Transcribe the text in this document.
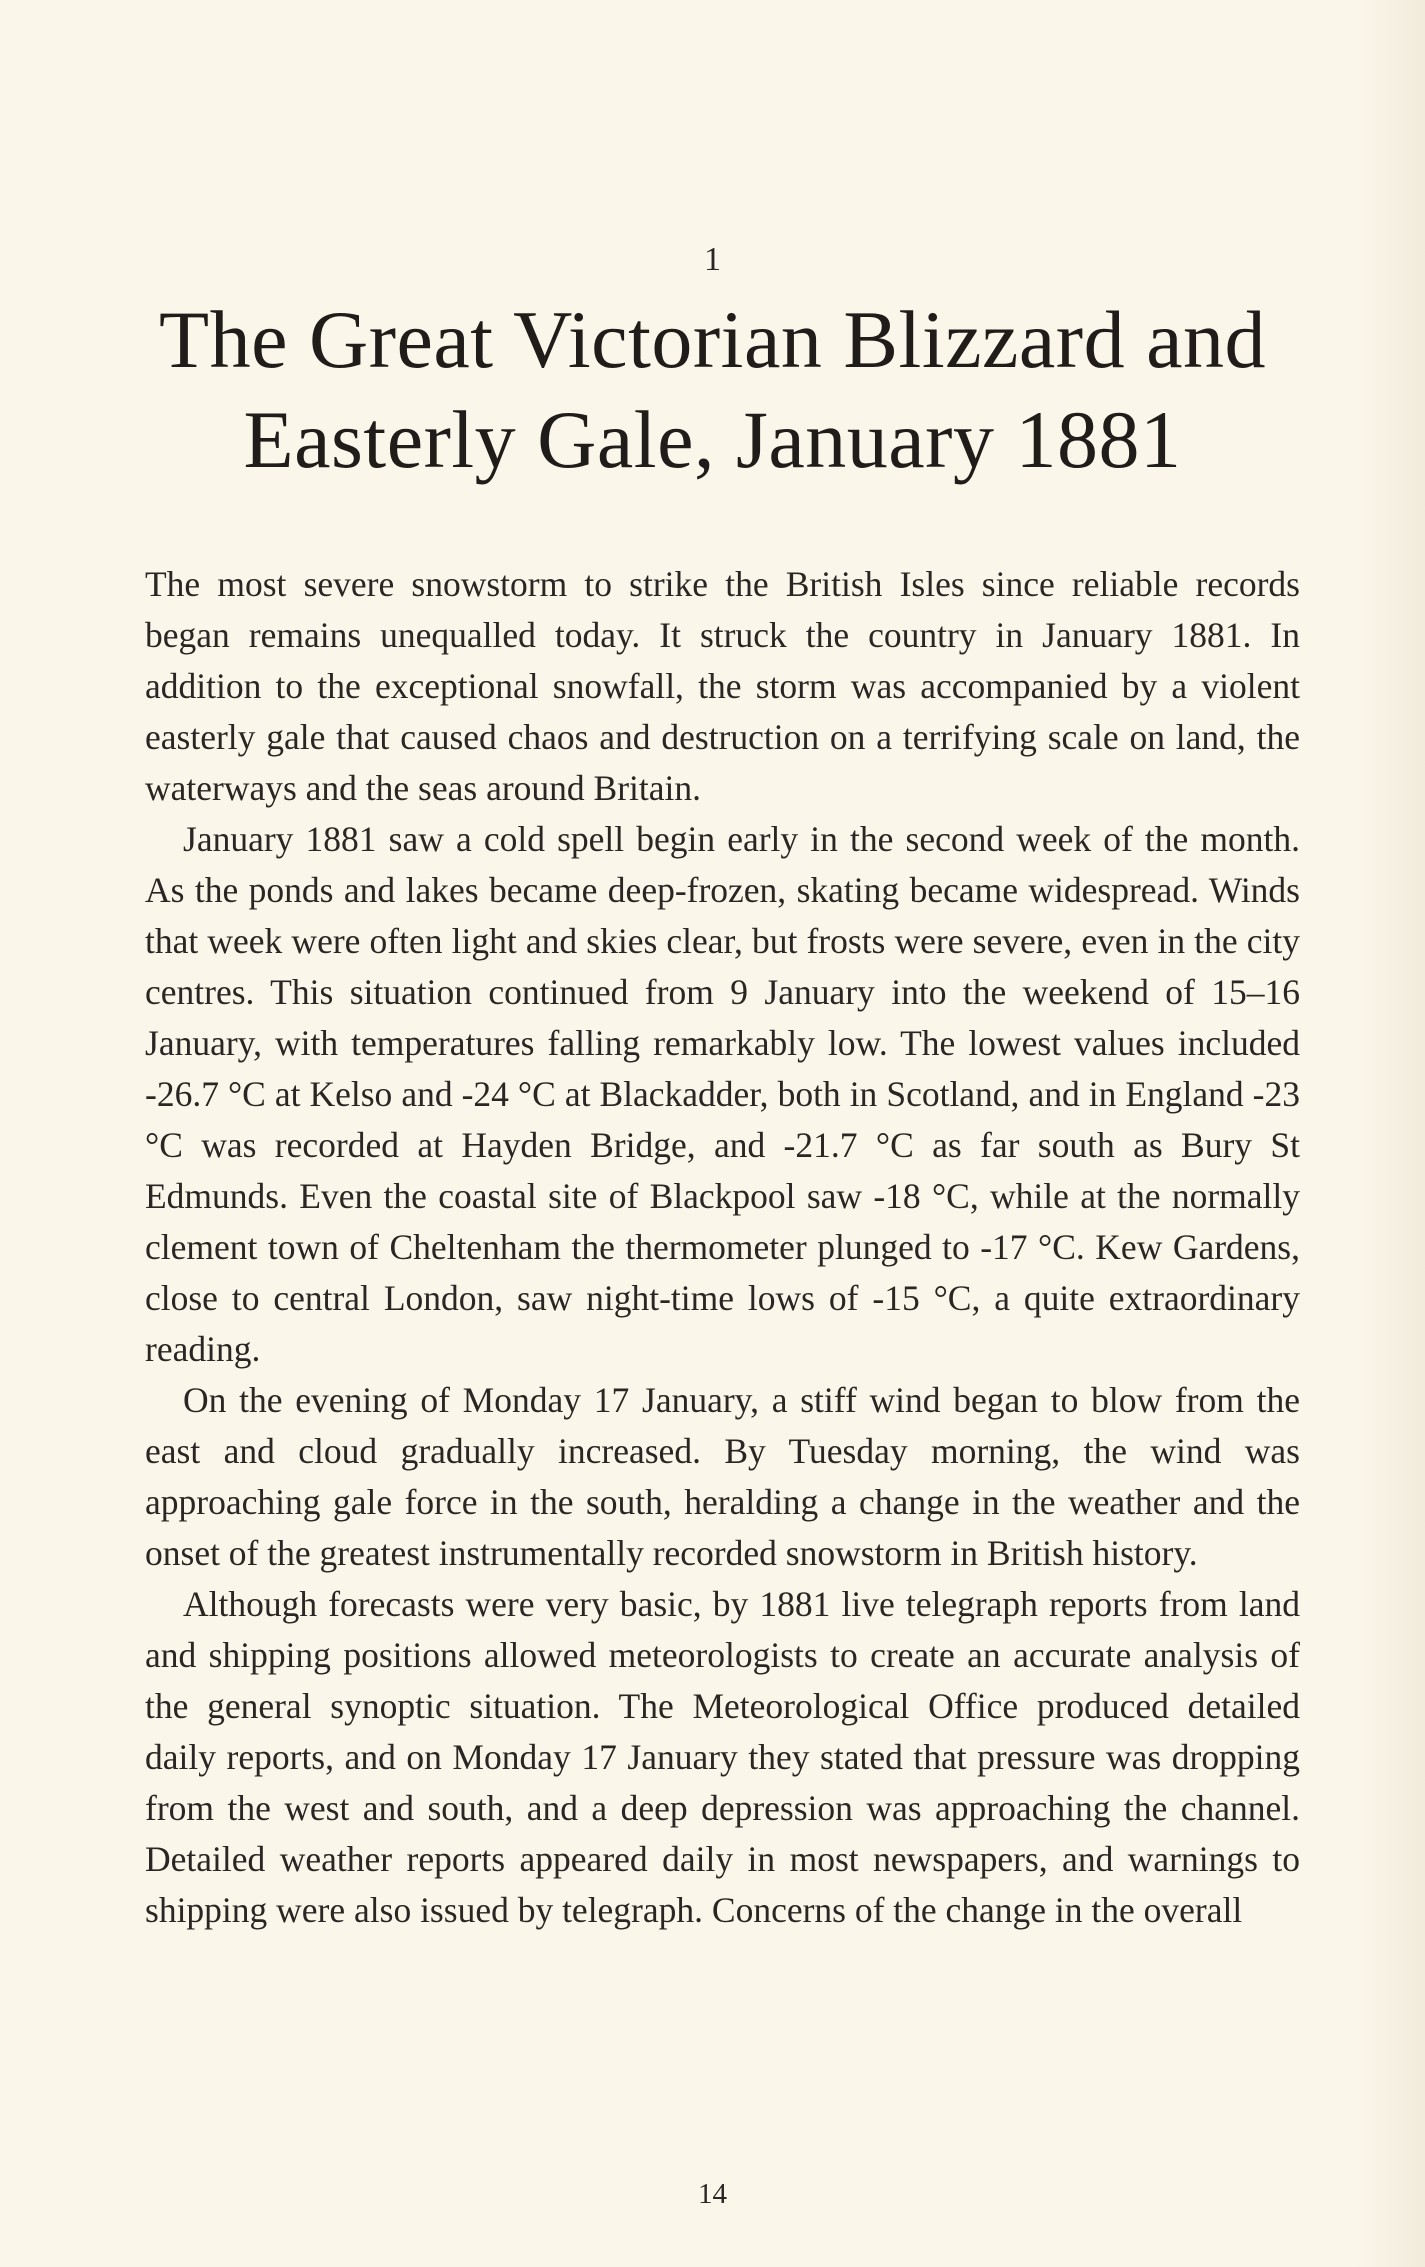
1
The Great Victorian Blizzard and
Easterly Gale, January 1881

The most severe snowstorm to strike the British Isles since reliable records began remains unequalled today. It struck the country in January 1881. In addition to the exceptional snowfall, the storm was accompanied by a violent easterly gale that caused chaos and destruction on a terrifying scale on land, the waterways and the seas around Britain.

January 1881 saw a cold spell begin early in the second week of the month. As the ponds and lakes became deep-frozen, skating became widespread. Winds that week were often light and skies clear, but frosts were severe, even in the city centres. This situation continued from 9 January into the weekend of 15–16 January, with temperatures falling remarkably low. The lowest values included -26.7 °C at Kelso and -24 °C at Blackadder, both in Scotland, and in England -23 °C was recorded at Hayden Bridge, and -21.7 °C as far south as Bury St Edmunds. Even the coastal site of Blackpool saw -18 °C, while at the normally clement town of Cheltenham the thermometer plunged to -17 °C. Kew Gardens, close to central London, saw night-time lows of -15 °C, a quite extraordinary reading.

On the evening of Monday 17 January, a stiff wind began to blow from the east and cloud gradually increased. By Tuesday morning, the wind was approaching gale force in the south, heralding a change in the weather and the onset of the greatest instrumentally recorded snowstorm in British history.

Although forecasts were very basic, by 1881 live telegraph reports from land and shipping positions allowed meteorologists to create an accurate analysis of the general synoptic situation. The Meteorological Office produced detailed daily reports, and on Monday 17 January they stated that pressure was dropping from the west and south, and a deep depression was approaching the channel. Detailed weather reports appeared daily in most newspapers, and warnings to shipping were also issued by telegraph. Concerns of the change in the overall

14
